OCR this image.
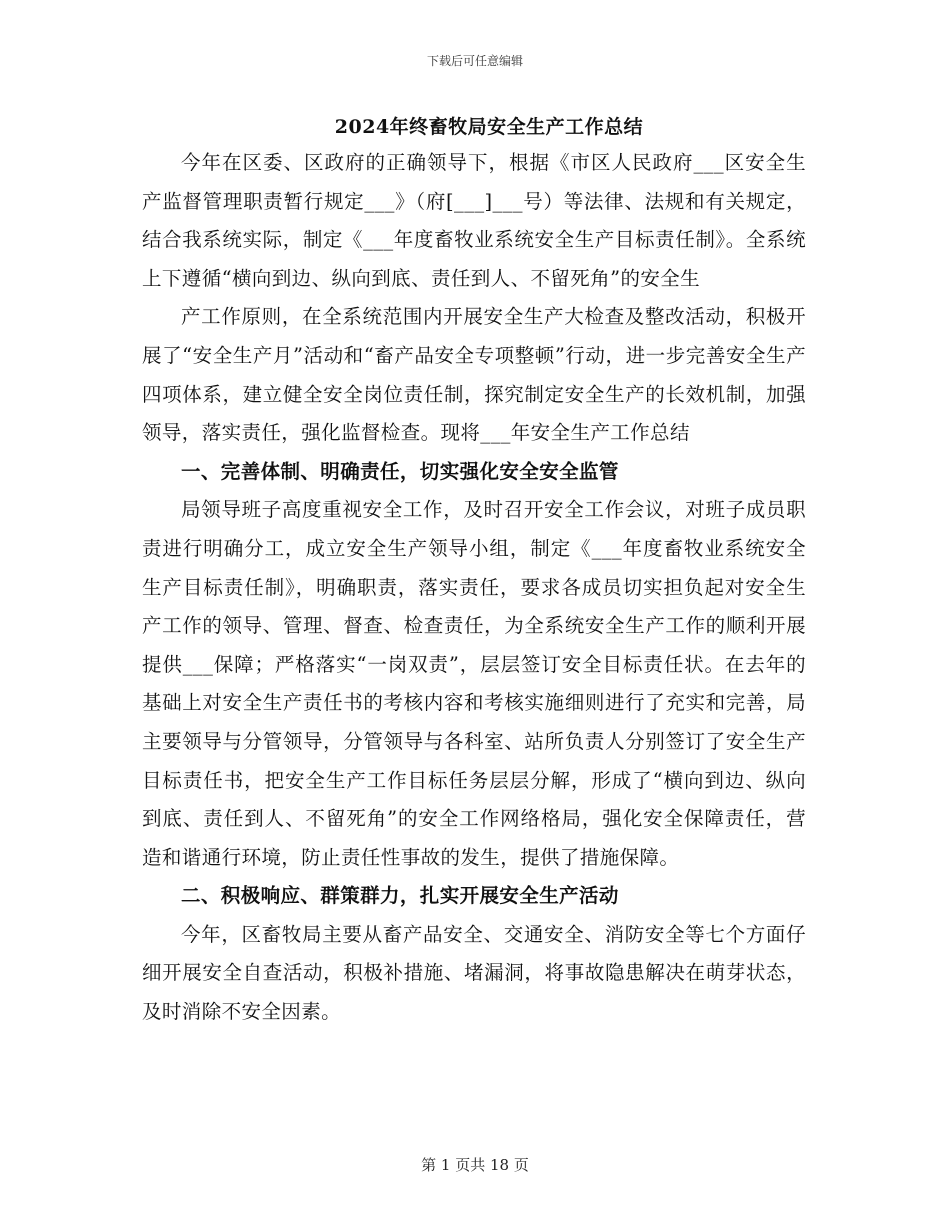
下载后可任意编辑
2024年终畜牧局安全生产工作总结

今年在区委、区政府的正确领导下，根据《市区人民政府___区安全生产监督管理职责暂行规定___》（府[___]___号）等法律、法规和有关规定，结合我系统实际，制定《___年度畜牧业系统安全生产目标责任制》。全系统上下遵循“横向到边、纵向到底、责任到人、不留死角”的安全生

产工作原则，在全系统范围内开展安全生产大检查及整改活动，积极开展了“安全生产月”活动和“畜产品安全专项整顿”行动，进一步完善安全生产四项体系，建立健全安全岗位责任制，探究制定安全生产的长效机制，加强领导，落实责任，强化监督检查。现将___年安全生产工作总结

一、完善体制、明确责任，切实强化安全安全监管

局领导班子高度重视安全工作，及时召开安全工作会议，对班子成员职责进行明确分工，成立安全生产领导小组，制定《___年度畜牧业系统安全生产目标责任制》，明确职责，落实责任，要求各成员切实担负起对安全生产工作的领导、管理、督查、检查责任，为全系统安全生产工作的顺利开展提供___保障；严格落实“一岗双责”，层层签订安全目标责任状。在去年的基础上对安全生产责任书的考核内容和考核实施细则进行了充实和完善，局主要领导与分管领导，分管领导与各科室、站所负责人分别签订了安全生产目标责任书，把安全生产工作目标任务层层分解，形成了“横向到边、纵向到底、责任到人、不留死角”的安全工作网络格局，强化安全保障责任，营造和谐通行环境，防止责任性事故的发生，提供了措施保障。

二、积极响应、群策群力，扎实开展安全生产活动

今年，区畜牧局主要从畜产品安全、交通安全、消防安全等七个方面仔细开展安全自查活动，积极补措施、堵漏洞，将事故隐患解决在萌芽状态，及时消除不安全因素。

第 1 页共 18 页
